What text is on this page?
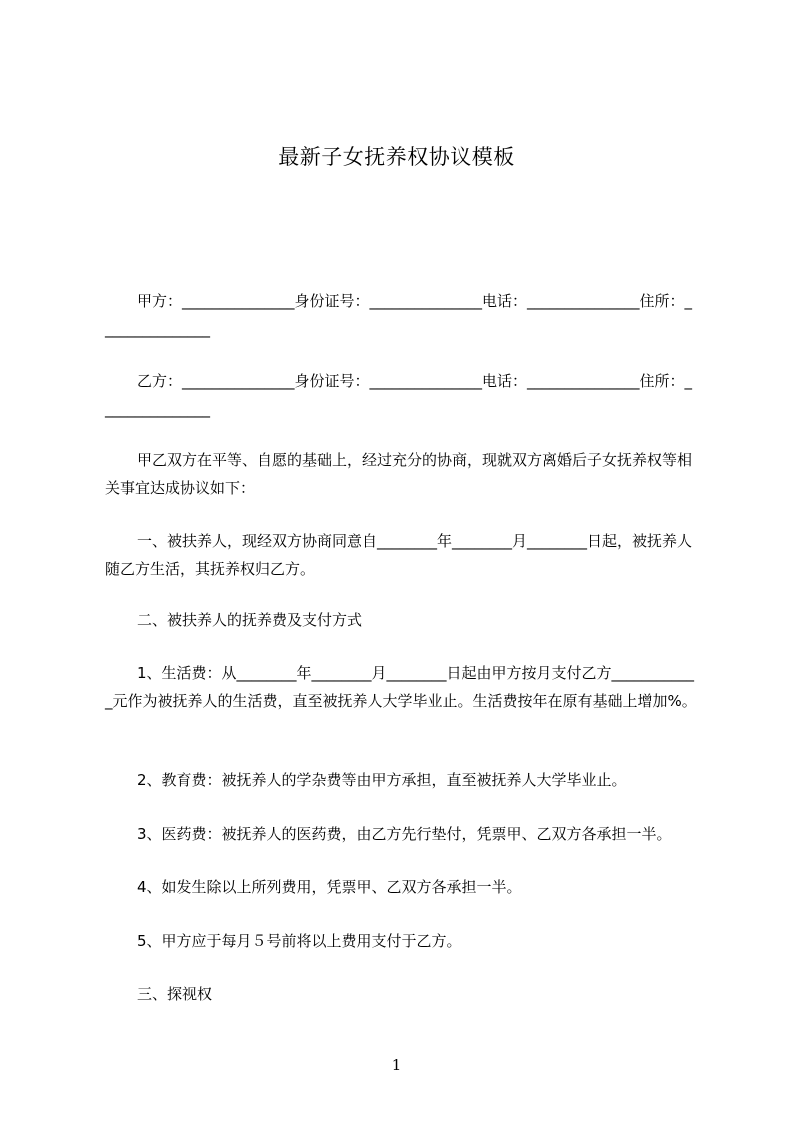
最新子女抚养权协议模板

甲方：_______________身份证号：_______________电话：_______________住所：_______________

乙方：_______________身份证号：_______________电话：_______________住所：_______________

甲乙双方在平等、自愿的基础上，经过充分的协商，现就双方离婚后子女抚养权等相关事宜达成协议如下：

一、被扶养人，现经双方协商同意自________年________月________日起，被抚养人随乙方生活，其抚养权归乙方。

二、被扶养人的抚养费及支付方式

1、生活费：从________年________月________日起由甲方按月支付乙方____________元作为被抚养人的生活费，直至被抚养人大学毕业止。生活费按年在原有基础上增加%。

2、教育费：被抚养人的学杂费等由甲方承担，直至被抚养人大学毕业止。

3、医药费：被抚养人的医药费，由乙方先行垫付，凭票甲、乙双方各承担一半。

4、如发生除以上所列费用，凭票甲、乙双方各承担一半。

5、甲方应于每月５号前将以上费用支付于乙方。

三、探视权

1
